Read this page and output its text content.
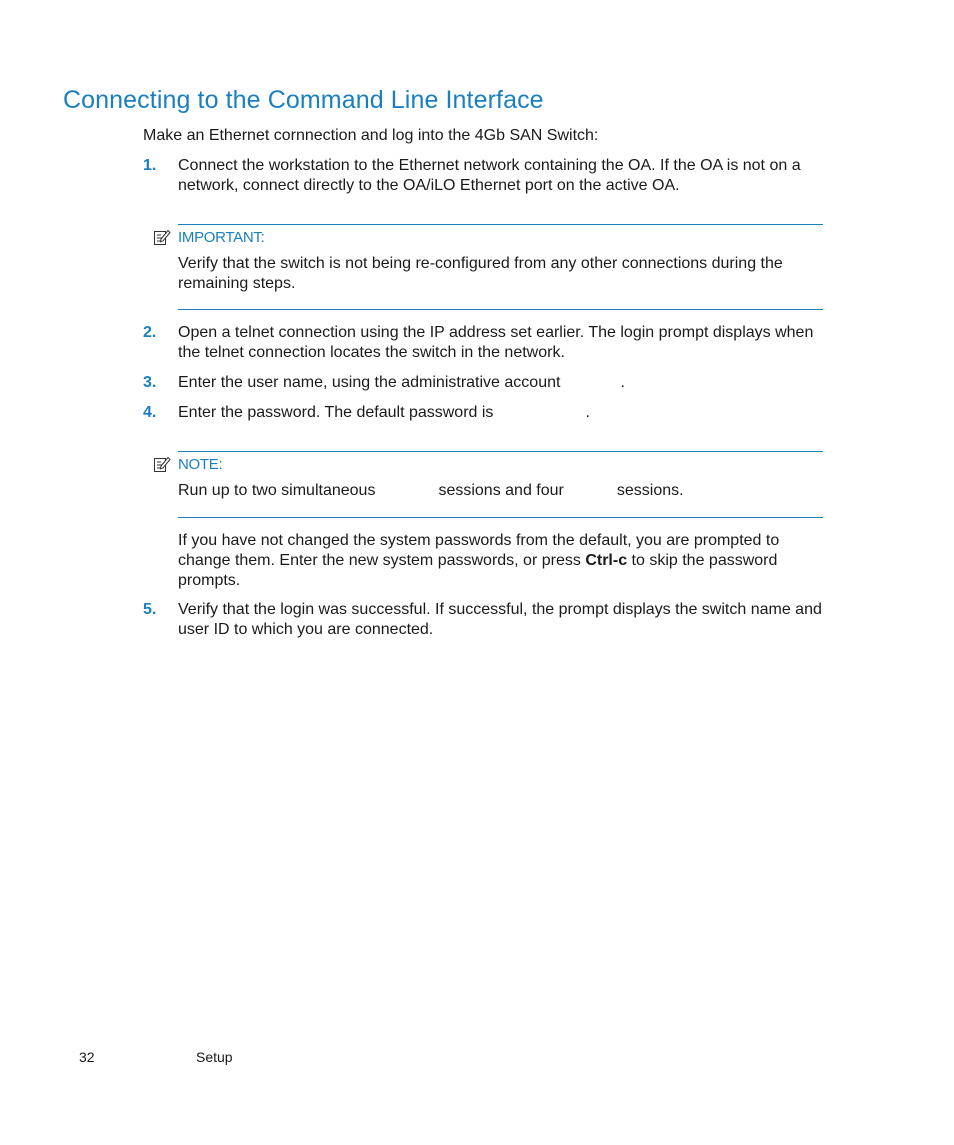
Connecting to the Command Line Interface

Make an Ethernet cornnection and log into the 4Gb SAN Switch:

1. Connect the workstation to the Ethernet network containing the OA. If the OA is not on a network, connect directly to the OA/iLO Ethernet port on the active OA.

IMPORTANT:

Verify that the switch is not being re-configured from any other connections during the remaining steps.

2. Open a telnet connection using the IP address set earlier. The login prompt displays when the telnet connection locates the switch in the network.

3. Enter the user name, using the administrative account	.

4. Enter the password. The default password is	.

NOTE:

Run up to two simultaneous	sessions and four	sessions.

If you have not changed the system passwords from the default, you are prompted to change them. Enter the new system passwords, or press Ctrl-c to skip the password prompts.

5. Verify that the login was successful. If successful, the prompt displays the switch name and user ID to which you are connected.

32	Setup
